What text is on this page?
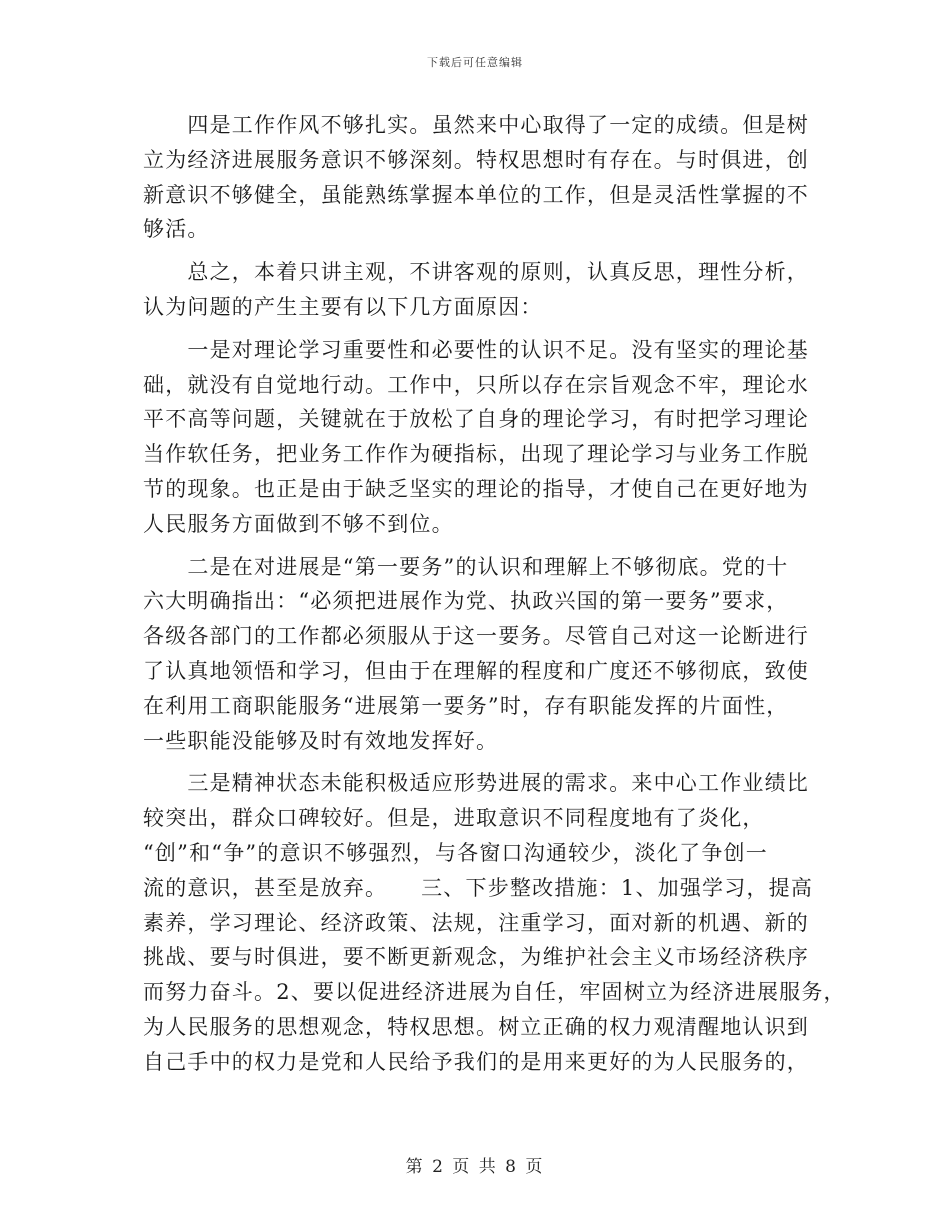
下载后可任意编辑
　　四是工作作风不够扎实。虽然来中心取得了一定的成绩。但是树
立为经济进展服务意识不够深刻。特权思想时有存在。与时俱进，创
新意识不够健全，虽能熟练掌握本单位的工作，但是灵活性掌握的不
够活。
　　总之，本着只讲主观，不讲客观的原则，认真反思，理性分析，
认为问题的产生主要有以下几方面原因：
　　一是对理论学习重要性和必要性的认识不足。没有坚实的理论基
础，就没有自觉地行动。工作中，只所以存在宗旨观念不牢，理论水
平不高等问题，关键就在于放松了自身的理论学习，有时把学习理论
当作软任务，把业务工作作为硬指标，出现了理论学习与业务工作脱
节的现象。也正是由于缺乏坚实的理论的指导，才使自己在更好地为
人民服务方面做到不够不到位。
　　二是在对进展是“第一要务”的认识和理解上不够彻底。党的十
六大明确指出：“必须把进展作为党、执政兴国的第一要务”要求，
各级各部门的工作都必须服从于这一要务。尽管自己对这一论断进行
了认真地领悟和学习，但由于在理解的程度和广度还不够彻底，致使
在利用工商职能服务“进展第一要务”时，存有职能发挥的片面性，
一些职能没能够及时有效地发挥好。
　　三是精神状态未能积极适应形势进展的需求。来中心工作业绩比
较突出，群众口碑较好。但是，进取意识不同程度地有了炎化，
“创”和“争”的意识不够强烈，与各窗口沟通较少，淡化了争创一
流的意识，甚至是放弃。　　三、下步整改措施：1、加强学习，提高
素养，学习理论、经济政策、法规，注重学习，面对新的机遇、新的
挑战、要与时俱进，要不断更新观念，为维护社会主义市场经济秩序
而努力奋斗。2、要以促进经济进展为自任，牢固树立为经济进展服务，
为人民服务的思想观念，特权思想。树立正确的权力观清醒地认识到
自己手中的权力是党和人民给予我们的是用来更好的为人民服务的，
第 2 页 共 8 页
